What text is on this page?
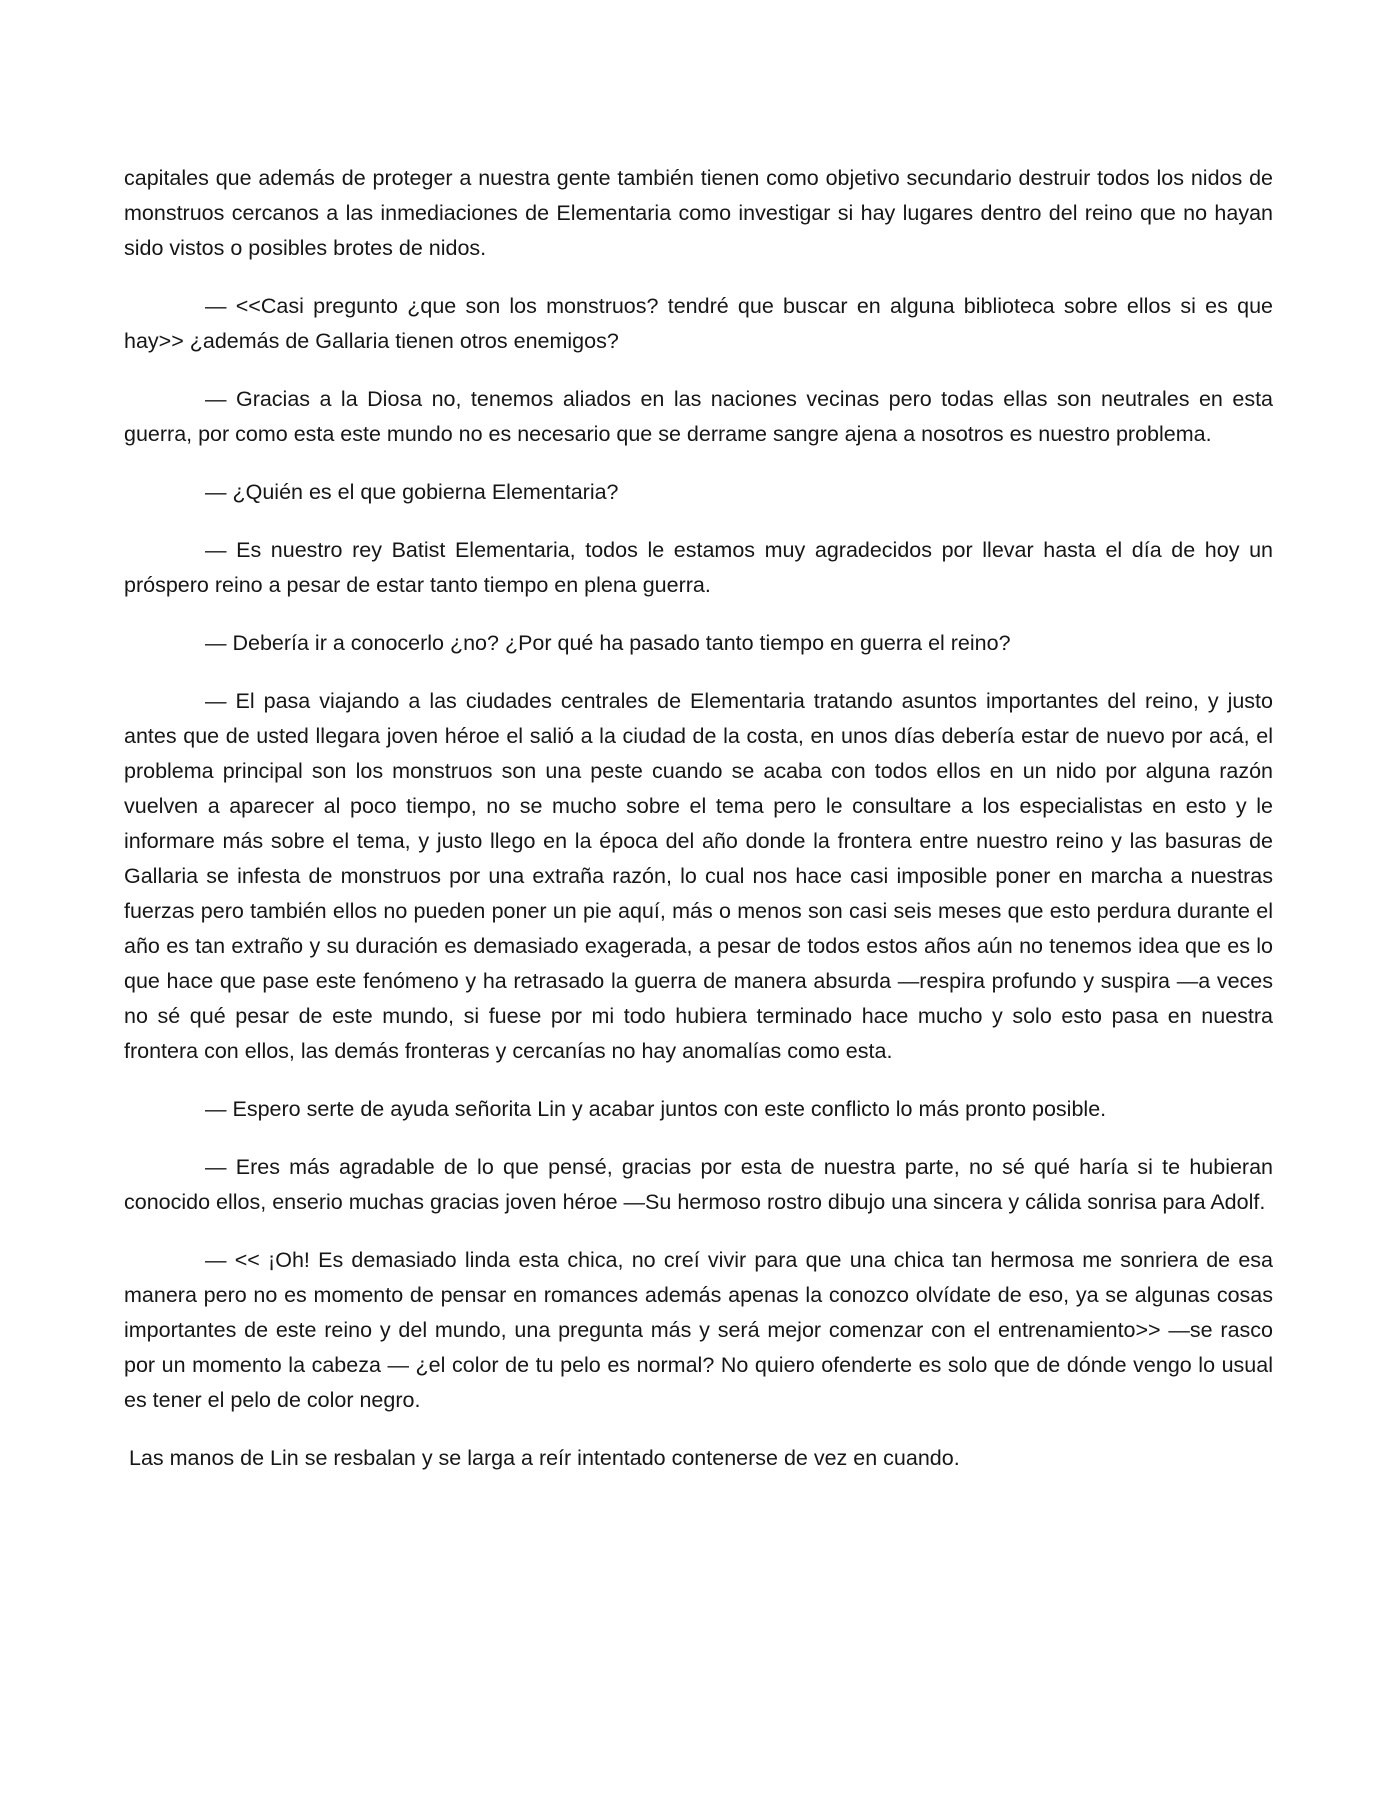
capitales que además de proteger a nuestra gente también tienen como objetivo secundario destruir todos los nidos de monstruos cercanos a las inmediaciones de Elementaria como investigar si hay lugares dentro del reino que no hayan sido vistos o posibles brotes de nidos.

— <<Casi pregunto ¿que son los monstruos? tendré que buscar en alguna biblioteca sobre ellos si es que hay>> ¿además de Gallaria tienen otros enemigos?

— Gracias a la Diosa no, tenemos aliados en las naciones vecinas pero todas ellas son neutrales en esta guerra, por como esta este mundo no es necesario que se derrame sangre ajena a nosotros es nuestro problema.

— ¿Quién es el que gobierna Elementaria?

— Es nuestro rey Batist Elementaria, todos le estamos muy agradecidos por llevar hasta el día de hoy un próspero reino a pesar de estar tanto tiempo en plena guerra.

— Debería ir a conocerlo ¿no? ¿Por qué ha pasado tanto tiempo en guerra el reino?

— El pasa viajando a las ciudades centrales de Elementaria tratando asuntos importantes del reino, y justo antes que de usted llegara joven héroe el salió a la ciudad de la costa, en unos días debería estar de nuevo por acá, el problema principal son los monstruos son una peste cuando se acaba con todos ellos en un nido por alguna razón vuelven a aparecer al poco tiempo, no se mucho sobre el tema pero le consultare a los especialistas en esto y le informare más sobre el tema, y justo llego en la época del año donde la frontera entre nuestro reino y las basuras de Gallaria se infesta de monstruos por una extraña razón, lo cual nos hace casi imposible poner en marcha a nuestras fuerzas pero también ellos no pueden poner un pie aquí, más o menos son casi seis meses que esto perdura durante el año es tan extraño y su duración es demasiado exagerada, a pesar de todos estos años aún no tenemos idea que es lo que hace que pase este fenómeno y ha retrasado la guerra de manera absurda —respira profundo y suspira —a veces no sé qué pesar de este mundo, si fuese por mi todo hubiera terminado hace mucho y solo esto pasa en nuestra frontera con ellos, las demás fronteras y cercanías no hay anomalías como esta.

— Espero serte de ayuda señorita Lin y acabar juntos con este conflicto lo más pronto posible.

— Eres más agradable de lo que pensé, gracias por esta de nuestra parte, no sé qué haría si te hubieran conocido ellos, enserio muchas gracias joven héroe —Su hermoso rostro dibujo una sincera y cálida sonrisa para Adolf.

— << ¡Oh! Es demasiado linda esta chica, no creí vivir para que una chica tan hermosa me sonriera de esa manera pero no es momento de pensar en romances además apenas la conozco olvídate de eso, ya se algunas cosas importantes de este reino y del mundo, una pregunta más y será mejor comenzar con el entrenamiento>> —se rasco por un momento la cabeza — ¿el color de tu pelo es normal? No quiero ofenderte es solo que de dónde vengo lo usual es tener el pelo de color negro.

Las manos de Lin se resbalan y se larga a reír intentado contenerse de vez en cuando.
